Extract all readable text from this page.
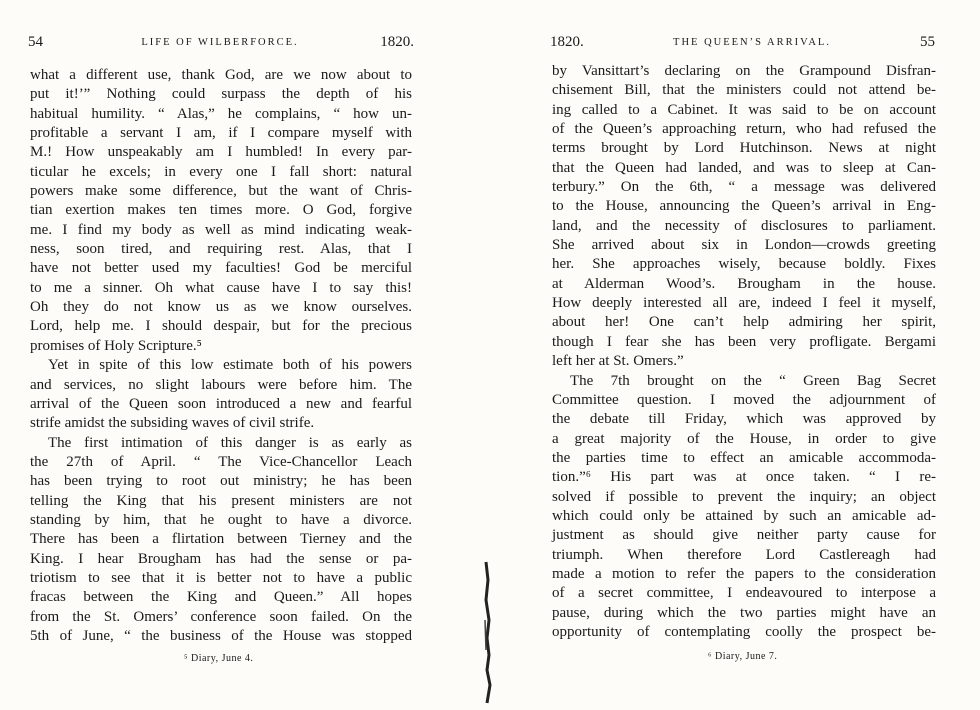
54	LIFE OF WILBERFORCE.	1820.
what a different use, thank God, are we now about to
put it!’” Nothing could surpass the depth of his
habitual humility. “ Alas,” he complains, “ how un-
profitable a servant I am, if I compare myself with
M.! How unspeakably am I humbled! In every par-
ticular he excels; in every one I fall short: natural
powers make some difference, but the want of Chris-
tian exertion makes ten times more. O God, forgive
me. I find my body as well as mind indicating weak-
ness, soon tired, and requiring rest. Alas, that I
have not better used my faculties! God be merciful
to me a sinner. Oh what cause have I to say this!
Oh they do not know us as we know ourselves.
Lord, help me. I should despair, but for the precious
promises of Holy Scripture.⁵
Yet in spite of this low estimate both of his powers
and services, no slight labours were before him. The
arrival of the Queen soon introduced a new and fearful
strife amidst the subsiding waves of civil strife.
The first intimation of this danger is as early as
the 27th of April. “ The Vice-Chancellor Leach
has been trying to root out ministry; he has been
telling the King that his present ministers are not
standing by him, that he ought to have a divorce.
There has been a flirtation between Tierney and the
King. I hear Brougham has had the sense or pa-
triotism to see that it is better not to have a public
fracas between the King and Queen.” All hopes
from the St. Omers’ conference soon failed. On the
5th of June, “ the business of the House was stopped
⁵ Diary, June 4.
1820.	THE QUEEN’S ARRIVAL.	55
by Vansittart’s declaring on the Grampound Disfran-
chisement Bill, that the ministers could not attend be-
ing called to a Cabinet. It was said to be on account
of the Queen’s approaching return, who had refused the
terms brought by Lord Hutchinson. News at night
that the Queen had landed, and was to sleep at Can-
terbury.” On the 6th, “ a message was delivered
to the House, announcing the Queen’s arrival in Eng-
land, and the necessity of disclosures to parliament.
She arrived about six in London—crowds greeting
her. She approaches wisely, because boldly. Fixes
at Alderman Wood’s. Brougham in the house.
How deeply interested all are, indeed I feel it myself,
about her! One can’t help admiring her spirit,
though I fear she has been very profligate. Bergami
left her at St. Omers.”
The 7th brought on the “ Green Bag Secret
Committee question. I moved the adjournment of
the debate till Friday, which was approved by
a great majority of the House, in order to give
the parties time to effect an amicable accommoda-
tion.”⁶ His part was at once taken. “ I re-
solved if possible to prevent the inquiry; an object
which could only be attained by such an amicable ad-
justment as should give neither party cause for
triumph. When therefore Lord Castlereagh had
made a motion to refer the papers to the consideration
of a secret committee, I endeavoured to interpose a
pause, during which the two parties might have an
opportunity of contemplating coolly the prospect be-
⁶ Diary, June 7.
